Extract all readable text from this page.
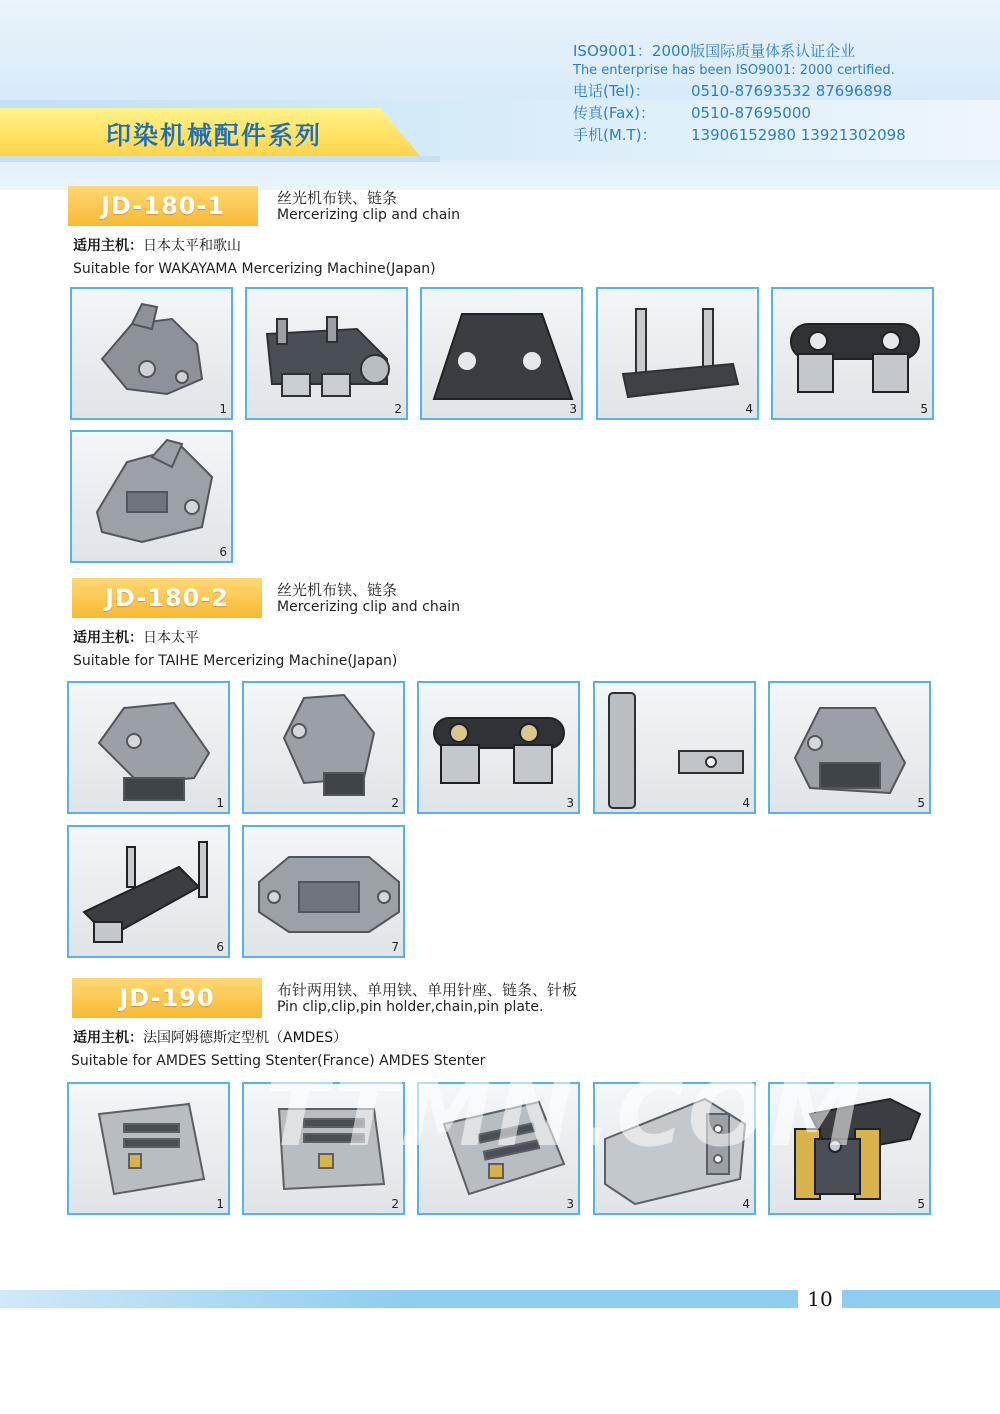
印染机械配件系列
ISO9001：2000版国际质量体系认证企业
The enterprise has been ISO9001: 2000 certified.
电话(Tel)：	0510-87693532 87696898
传真(Fax)：	0510-87695000
手机(M.T)：	13906152980 13921302098
JD-180-1	丝光机布铗、链条
Mercerizing clip and chain
适用主机：日本太平和歌山
Suitable for WAKAYAMA Mercerizing Machine(Japan)
1	2	3	4	5
6
JD-180-2	丝光机布铗、链条
Mercerizing clip and chain
适用主机：日本太平
Suitable for TAIHE Mercerizing Machine(Japan)
1	2	3	4	5
6	7
JD-190	布针两用铗、单用铗、单用针座、链条、针板
Pin clip,clip,pin holder,chain,pin plate.
适用主机：法国阿姆德斯定型机（AMDES）
Suitable for AMDES Setting Stenter(France) AMDES Stenter
1	2	3	4	5
TTMN.COM
10
